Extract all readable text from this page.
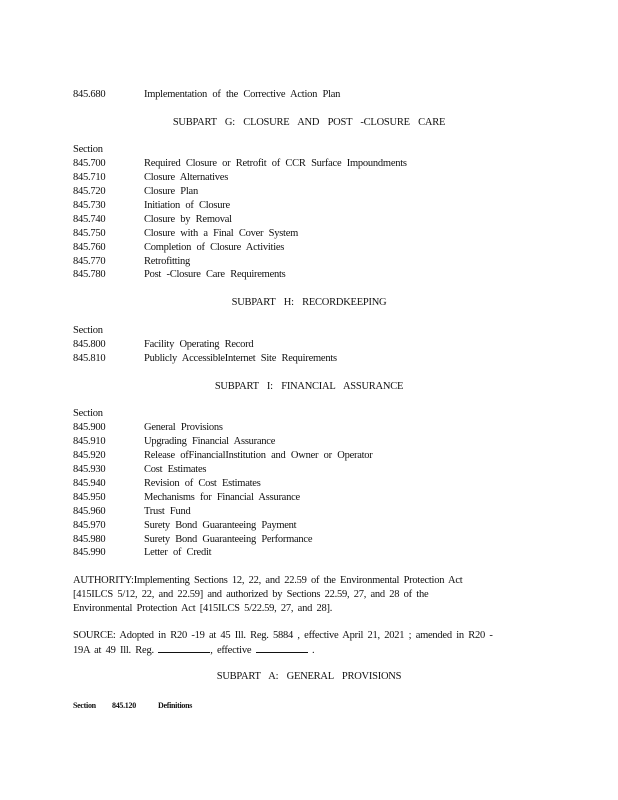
845.680	Implementation of the Corrective Action Plan
SUBPART G: CLOSURE AND POST -CLOSURE CARE
Section
845.700	Required Closure or Retrofit of CCR Surface Impoundments
845.710	Closure Alternatives
845.720	Closure Plan
845.730	Initiation of Closure
845.740	Closure by Removal
845.750	Closure with a Final Cover System
845.760	Completion of Closure Activities
845.770	Retrofitting
845.780	Post -Closure Care Requirements
SUBPART H: RECORDKEEPING
Section
845.800	Facility Operating Record
845.810	Publicly AccessibleInternet Site Requirements
SUBPART I: FINANCIAL ASSURANCE
Section
845.900	General Provisions
845.910	Upgrading Financial Assurance
845.920	Release ofFinancialInstitution and Owner or Operator
845.930	Cost Estimates
845.940	Revision of Cost Estimates
845.950	Mechanisms for Financial Assurance
845.960	Trust Fund
845.970	Surety Bond Guaranteeing Payment
845.980	Surety Bond Guaranteeing Performance
845.990	Letter of Credit
AUTHORITY:Implementing Sections 12, 22, and 22.59 of the Environmental Protection Act
[415ILCS 5/12, 22, and 22.59] and authorized by Sections 22.59, 27, and 28 of the
Environmental Protection Act [415ILCS 5/22.59, 27, and 28].
SOURCE: Adopted in R20 -19 at 45 Ill. Reg. 5884 , effective April 21, 2021 ; amended in R20 -
19A at 49 Ill. Reg.	, effective	.
SUBPART A: GENERAL PROVISIONS
Section 845.120	Definitions
